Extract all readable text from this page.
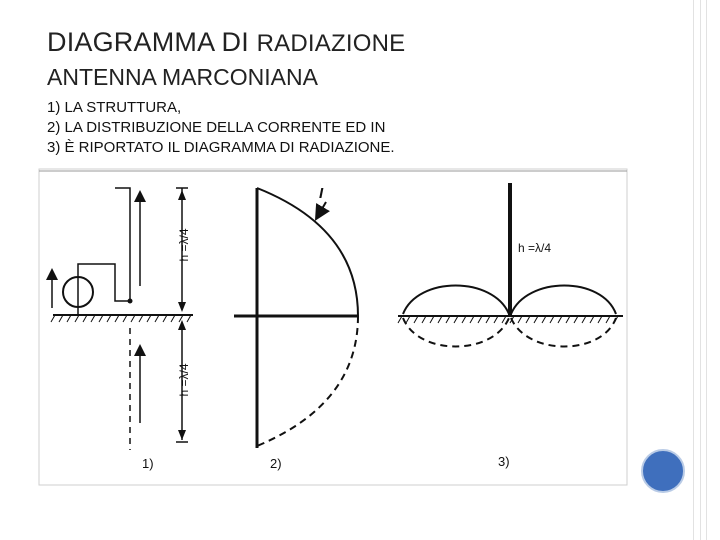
DIAGRAMMA DI RADIAZIONE
ANTENNA MARCONIANA
1) LA STRUTTURA,
2) LA DISTRIBUZIONE DELLA CORRENTE ED IN
3) È RIPORTATO IL DIAGRAMMA DI RADIAZIONE.
h =λ/4
h =λ/4
1)
I
2)
h =λ/4
3)
